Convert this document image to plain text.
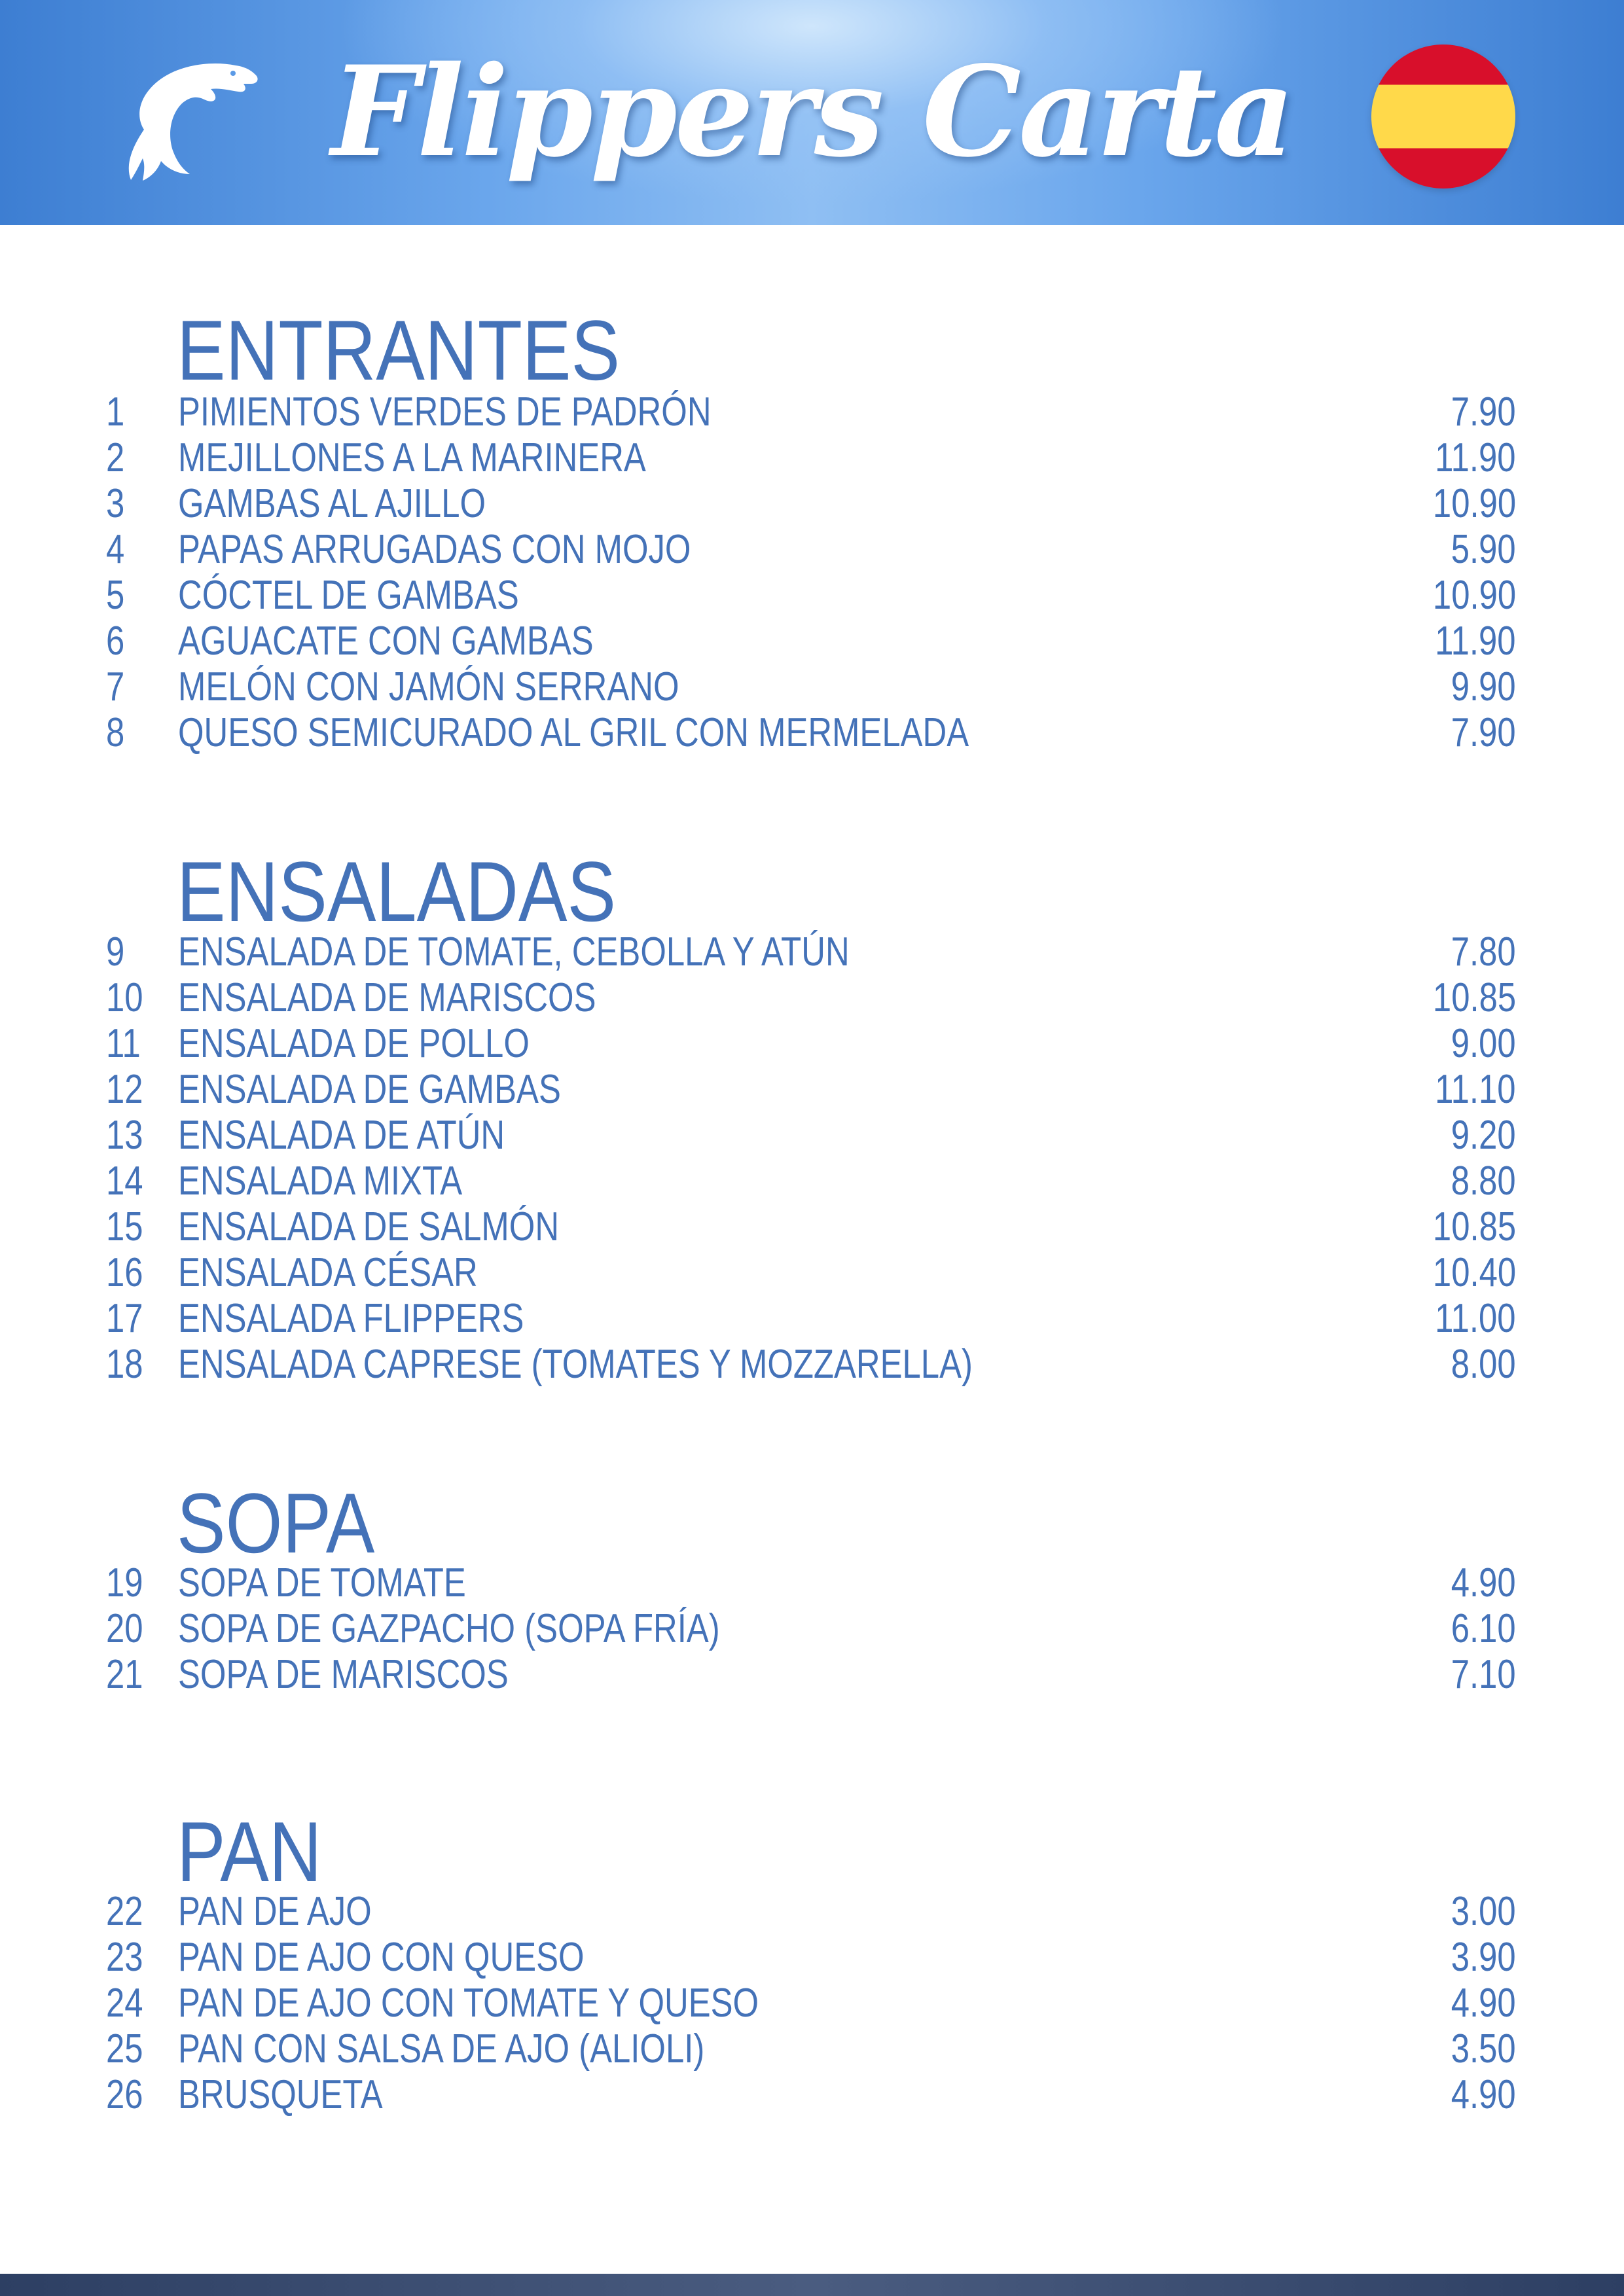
Flippers Carta
ENTRANTES
1 PIMIENTOS VERDES DE PADRÓN	7.90
2 MEJILLONES A LA MARINERA	11.90
3 GAMBAS AL AJILLO	10.90
4 PAPAS ARRUGADAS CON MOJO	5.90
5 CÓCTEL DE GAMBAS	10.90
6 AGUACATE CON GAMBAS	11.90
7 MELÓN CON JAMÓN SERRANO	9.90
8 QUESO SEMICURADO AL GRIL CON MERMELADA	7.90
ENSALADAS
9 ENSALADA DE TOMATE, CEBOLLA Y ATÚN	7.80
10 ENSALADA DE MARISCOS	10.85
11 ENSALADA DE POLLO	9.00
12 ENSALADA DE GAMBAS	11.10
13 ENSALADA DE ATÚN	9.20
14 ENSALADA MIXTA	8.80
15 ENSALADA DE SALMÓN	10.85
16 ENSALADA CÉSAR	10.40
17 ENSALADA FLIPPERS	11.00
18 ENSALADA CAPRESE (TOMATES Y MOZZARELLA)	8.00
SOPA
19 SOPA DE TOMATE	4.90
20 SOPA DE GAZPACHO (SOPA FRÍA)	6.10
21 SOPA DE MARISCOS	7.10
PAN
22 PAN DE AJO	3.00
23 PAN DE AJO CON QUESO	3.90
24 PAN DE AJO CON TOMATE Y QUESO	4.90
25 PAN CON SALSA DE AJO (ALIOLI)	3.50
26 BRUSQUETA	4.90
